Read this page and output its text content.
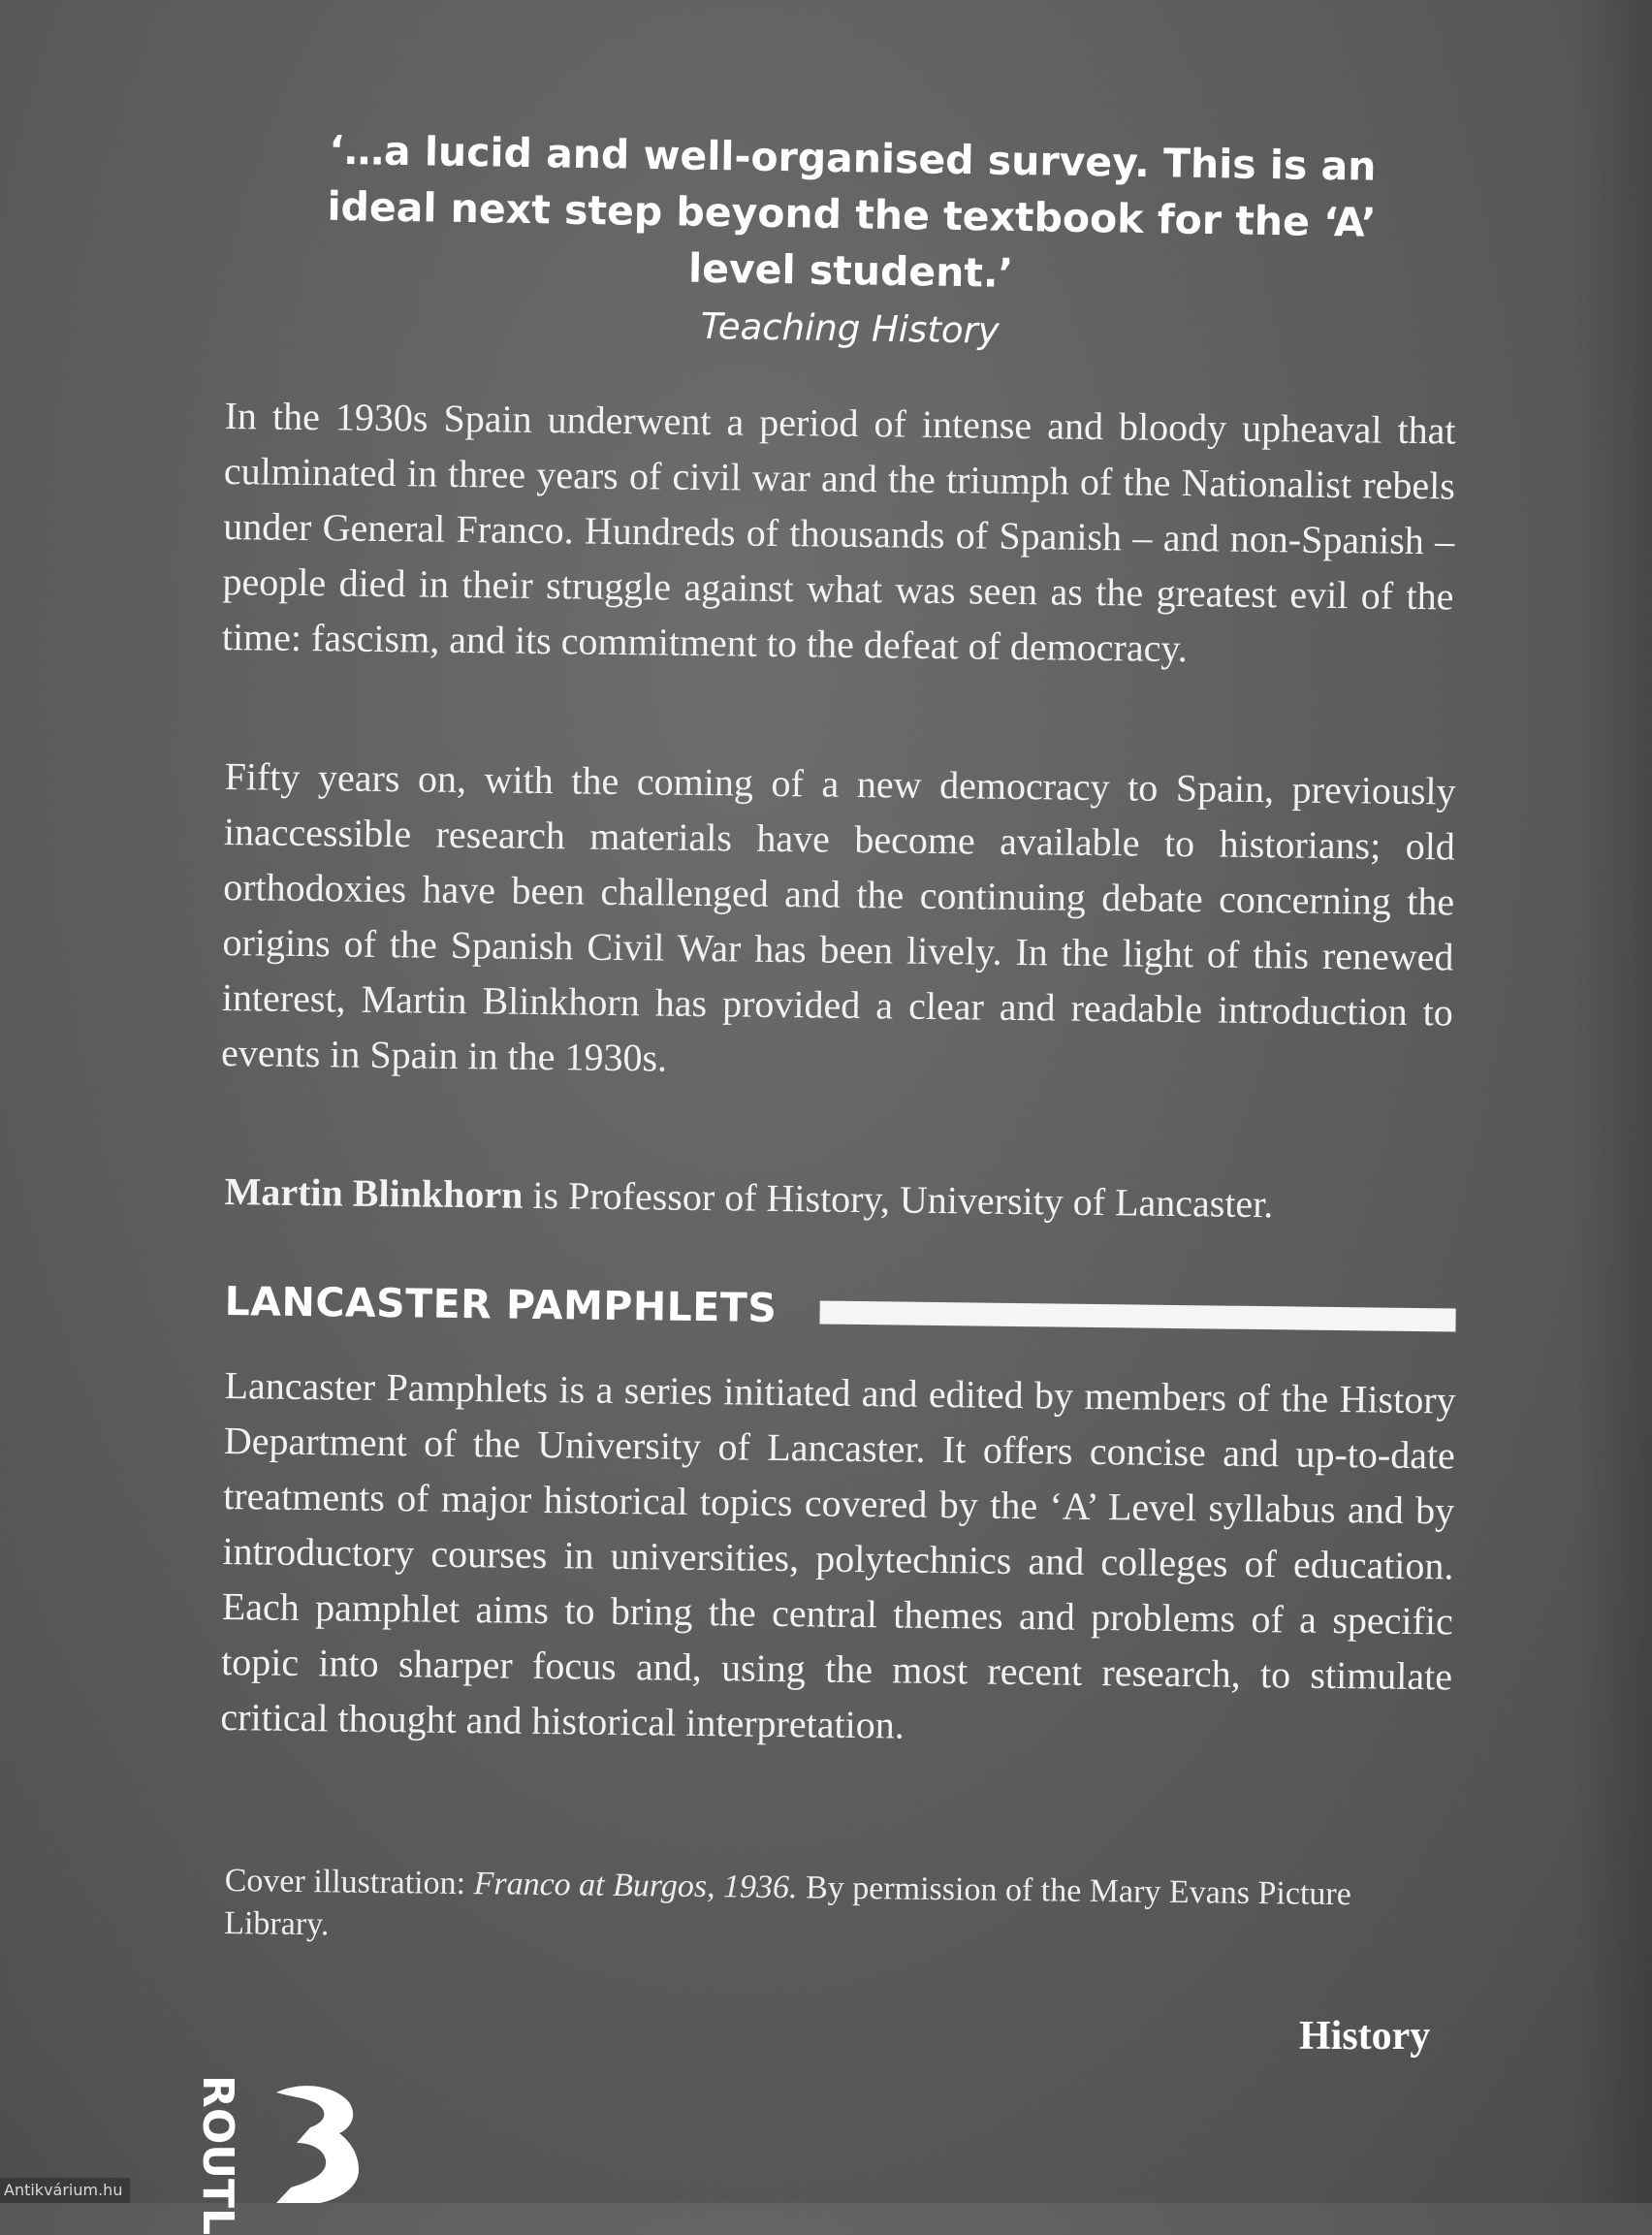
‘…a lucid and well-organised survey. This is an ideal next step beyond the textbook for the ‘A’ level student.’

Teaching History

In the 1930s Spain underwent a period of intense and bloody upheaval that culminated in three years of civil war and the triumph of the Nationalist rebels under General Franco. Hundreds of thousands of Spanish – and non-Spanish – people died in their struggle against what was seen as the greatest evil of the time: fascism, and its commitment to the defeat of democracy.

Fifty years on, with the coming of a new democracy to Spain, previously inaccessible research materials have become available to historians; old orthodoxies have been challenged and the continuing debate concerning the origins of the Spanish Civil War has been lively. In the light of this renewed interest, Martin Blinkhorn has provided a clear and readable introduction to events in Spain in the 1930s.

Martin Blinkhorn is Professor of History, University of Lancaster.

LANCASTER PAMPHLETS

Lancaster Pamphlets is a series initiated and edited by members of the History Department of the University of Lancaster. It offers concise and up-to-date treatments of major historical topics covered by the ‘A’ Level syllabus and by introductory courses in universities, polytechnics and colleges of education. Each pamphlet aims to bring the central themes and problems of a specific topic into sharper focus and, using the most recent research, to stimulate critical thought and historical interpretation.

Cover illustration: Franco at Burgos, 1936. By permission of the Mary Evans Picture Library.

History
ROUTL
Antikvárium.hu
